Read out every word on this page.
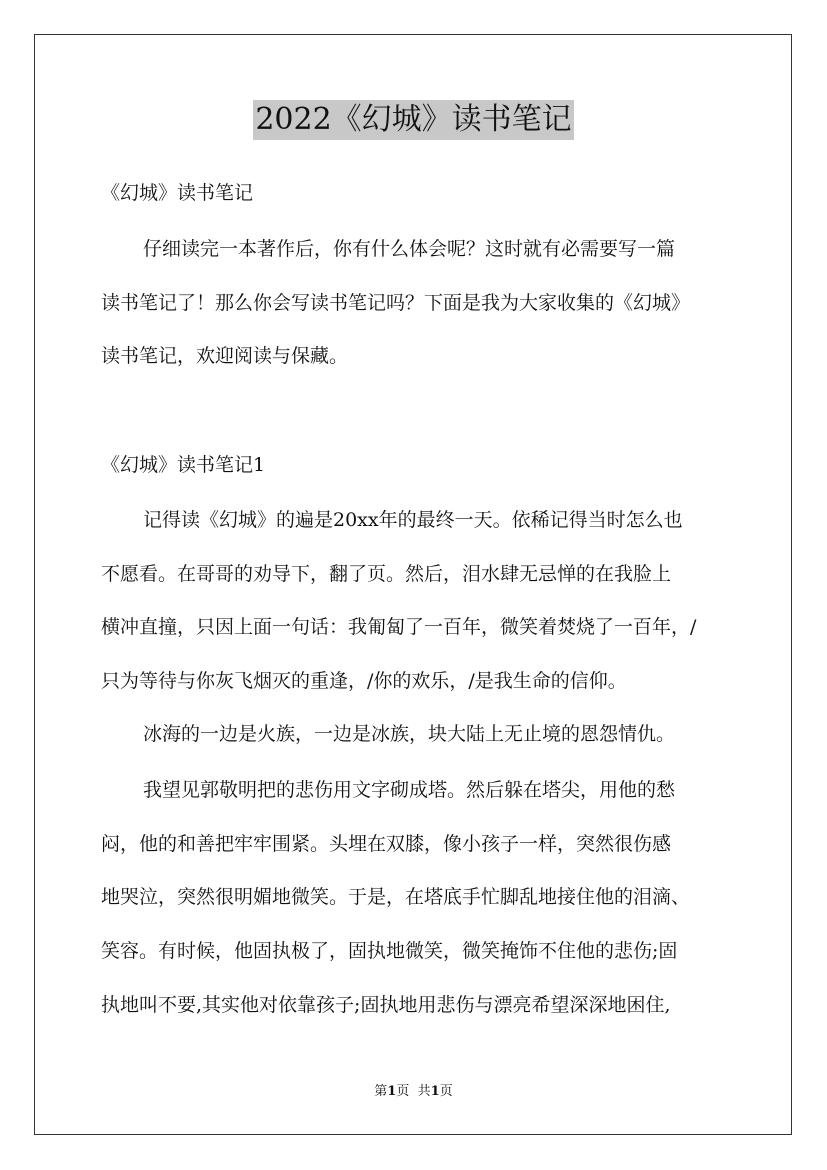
2022《幻城》读书笔记
《幻城》读书笔记
仔细读完一本著作后，你有什么体会呢？这时就有必需要写一篇
读书笔记了！那么你会写读书笔记吗？下面是我为大家收集的《幻城》
读书笔记，欢迎阅读与保藏。
《幻城》读书笔记1
记得读《幻城》的遍是20xx年的最终一天。依稀记得当时怎么也
不愿看。在哥哥的劝导下，翻了页。然后，泪水肆无忌惮的在我脸上
横冲直撞，只因上面一句话：我匍匐了一百年，微笑着焚烧了一百年，/
只为等待与你灰飞烟灭的重逢，/你的欢乐，/是我生命的信仰。
冰海的一边是火族，一边是冰族，块大陆上无止境的恩怨情仇。
我望见郭敬明把的悲伤用文字砌成塔。然后躲在塔尖，用他的愁
闷，他的和善把牢牢围紧。头埋在双膝，像小孩子一样，突然很伤感
地哭泣，突然很明媚地微笑。于是，在塔底手忙脚乱地接住他的泪滴、
笑容。有时候，他固执极了，固执地微笑，微笑掩饰不住他的悲伤;固
执地叫不要,其实他对依靠孩子;固执地用悲伤与漂亮希望深深地困住,
第1页 共1页
